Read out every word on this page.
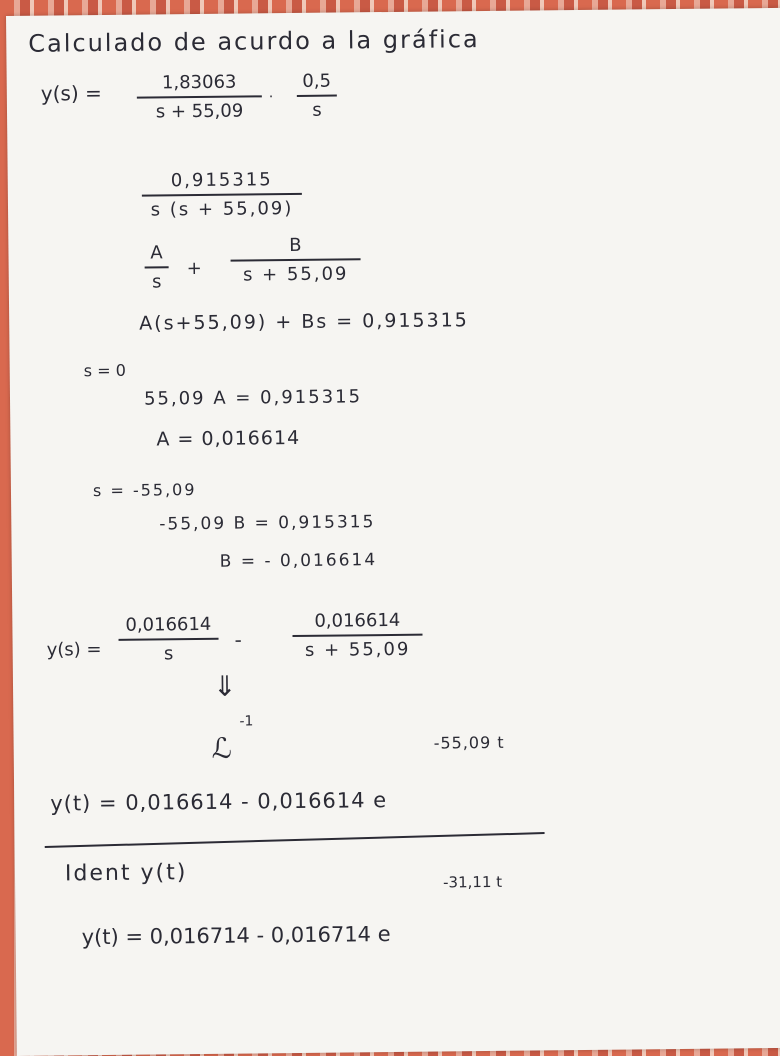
Calculado de acurdo a la gráfica
y(s) =	1,83063
s + 55,09
·
0,5
s
0,915315
s (s + 55,09)
A
s
+
B
s + 55,09
A(s+55,09) + Bs = 0,915315
s = 0
55,09 A = 0,915315
A = 0,016614
s = -55,09
-55,09 B = 0,915315
B = - 0,016614
y(s) =
0,016614
s
-
0,016614
s + 55,09
⇓
ℒ
-1
y(t) = 0,016614 - 0,016614 e
-55,09 t
Ident y(t)
y(t) = 0,016714 - 0,016714 e
-31,11 t
